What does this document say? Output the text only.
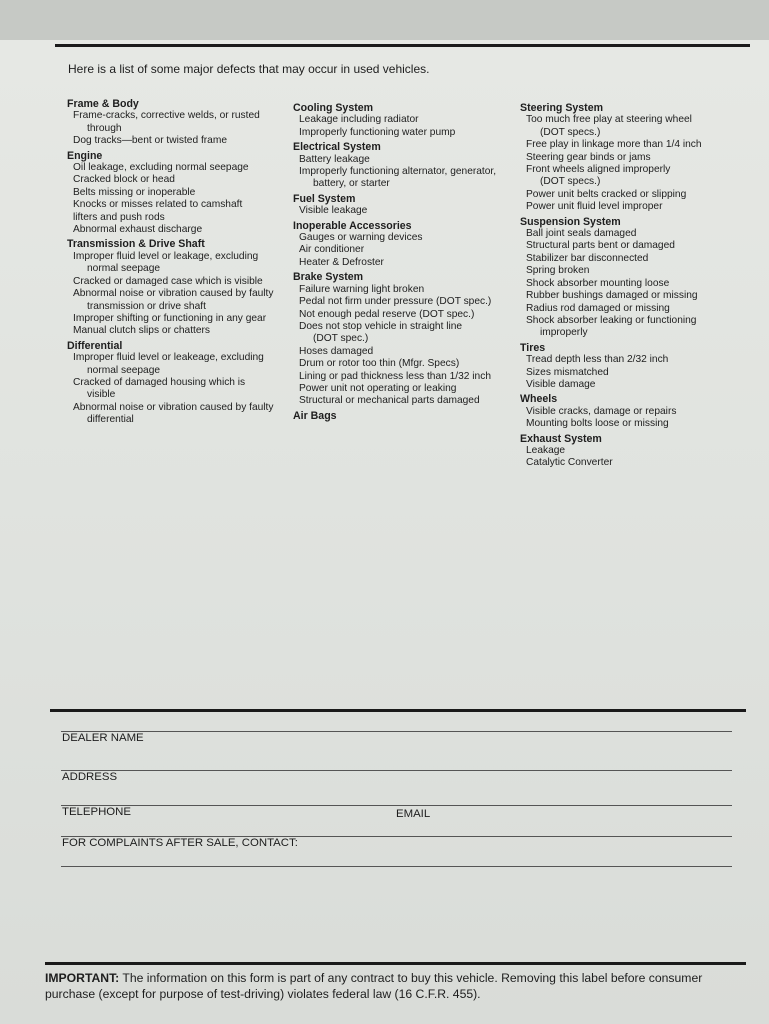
Here is a list of some major defects that may occur in used vehicles.
Frame & Body
Frame-cracks, corrective welds, or rusted
through
Dog tracks—bent or twisted frame
Engine
Oil leakage, excluding normal seepage
Cracked block or head
Belts missing or inoperable
Knocks or misses related to camshaft
lifters and push rods
Abnormal exhaust discharge
Transmission & Drive Shaft
Improper fluid level or leakage, excluding
normal seepage
Cracked or damaged case which is visible
Abnormal noise or vibration caused by faulty
transmission or drive shaft
Improper shifting or functioning in any gear
Manual clutch slips or chatters
Differential
Improper fluid level or leakeage, excluding
normal seepage
Cracked of damaged housing which is
visible
Abnormal noise or vibration caused by faulty
differential
Cooling System
Leakage including radiator
Improperly functioning water pump
Electrical System
Battery leakage
Improperly functioning alternator, generator,
battery, or starter
Fuel System
Visible leakage
Inoperable Accessories
Gauges or warning devices
Air conditioner
Heater & Defroster
Brake System
Failure warning light broken
Pedal not firm under pressure (DOT spec.)
Not enough pedal reserve (DOT spec.)
Does not stop vehicle in straight line
(DOT spec.)
Hoses damaged
Drum or rotor too thin (Mfgr. Specs)
Lining or pad thickness less than 1/32 inch
Power unit not operating or leaking
Structural or mechanical parts damaged
Air Bags
Steering System
Too much free play at steering wheel
(DOT specs.)
Free play in linkage more than 1/4 inch
Steering gear binds or jams
Front wheels aligned improperly
(DOT specs.)
Power unit belts cracked or slipping
Power unit fluid level improper
Suspension System
Ball joint seals damaged
Structural parts bent or damaged
Stabilizer bar disconnected
Spring broken
Shock absorber mounting loose
Rubber bushings damaged or missing
Radius rod damaged or missing
Shock absorber leaking or functioning
improperly
Tires
Tread depth less than 2/32 inch
Sizes mismatched
Visible damage
Wheels
Visible cracks, damage or repairs
Mounting bolts loose or missing
Exhaust System
Leakage
Catalytic Converter
DEALER NAME
ADDRESS
TELEPHONE	EMAIL
FOR COMPLAINTS AFTER SALE, CONTACT:
IMPORTANT: The information on this form is part of any contract to buy this vehicle. Removing this label before consumer purchase (except for purpose of test-driving) violates federal law (16 C.F.R. 455).
